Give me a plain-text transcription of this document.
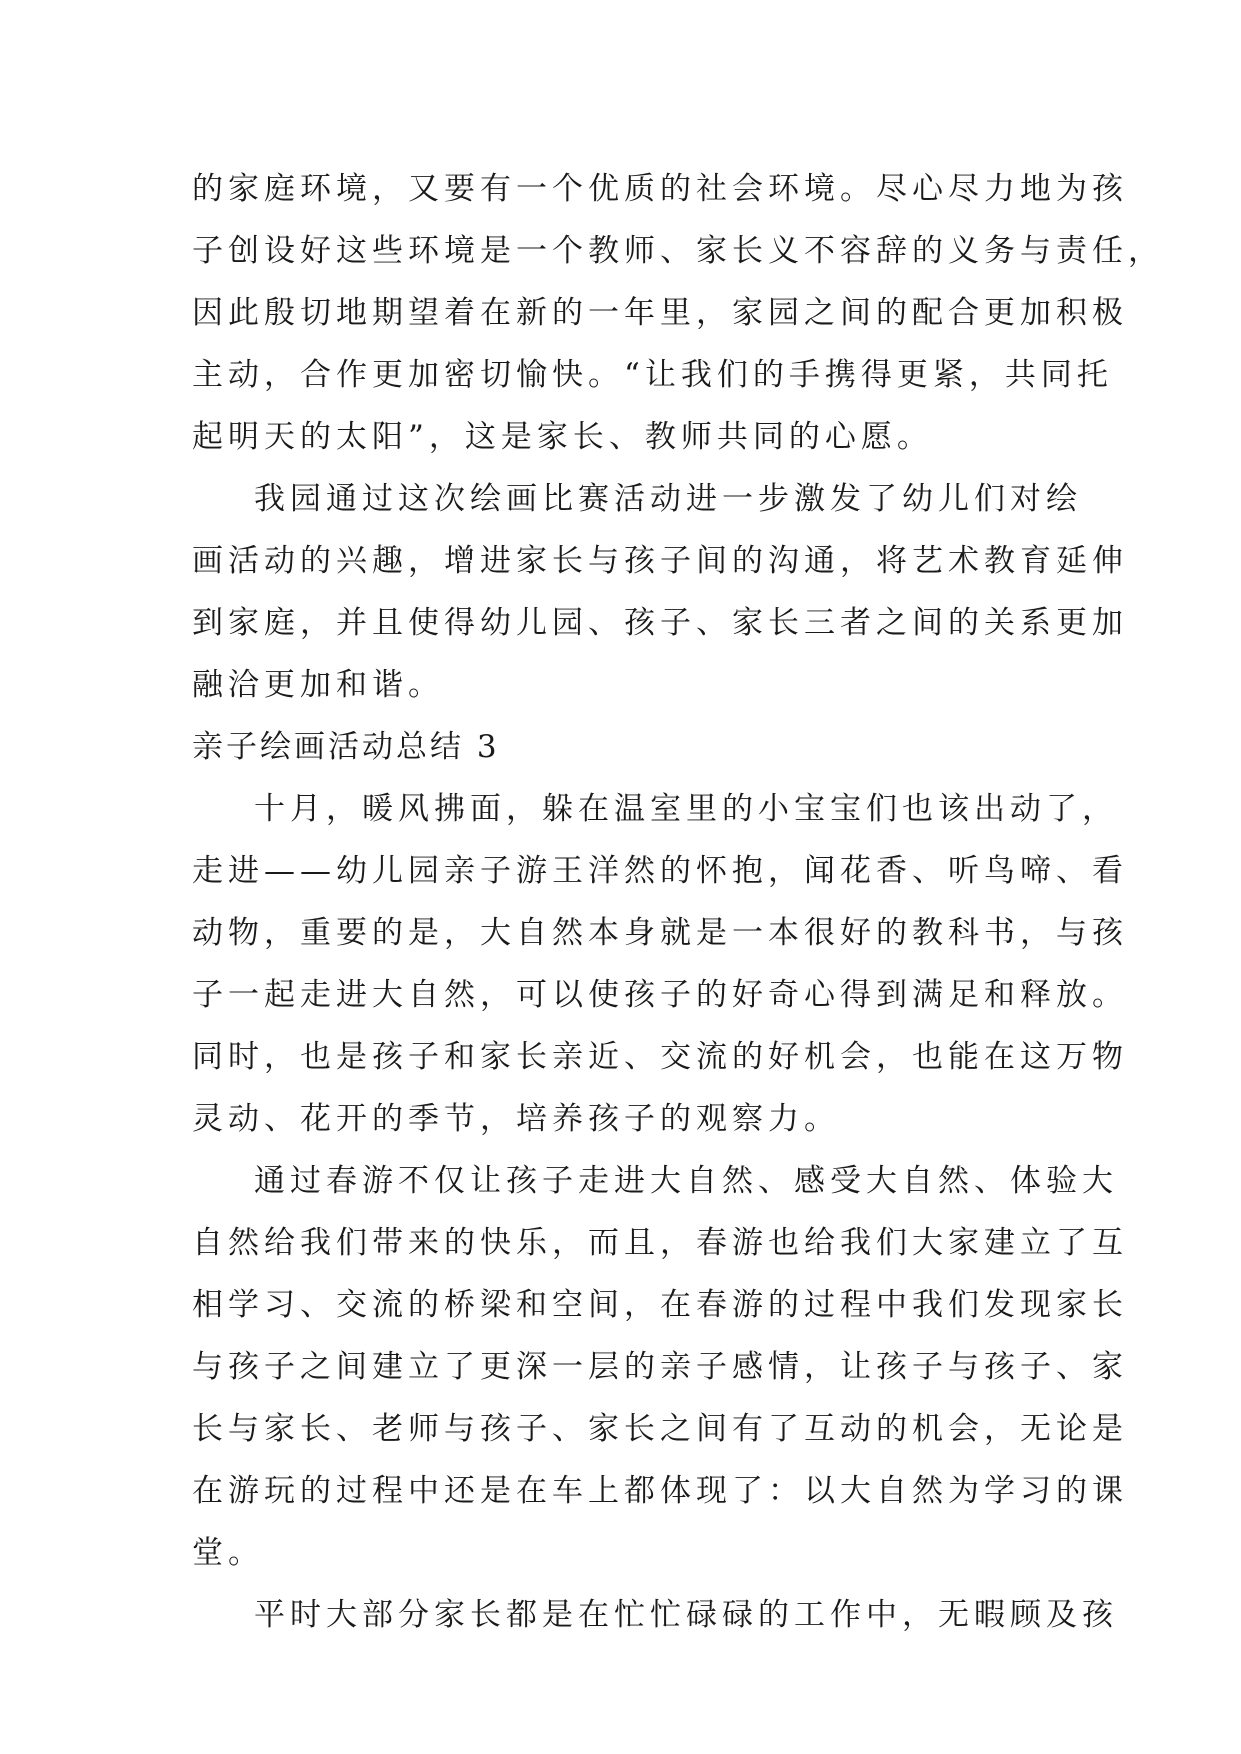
的家庭环境，又要有一个优质的社会环境。尽心尽力地为孩
子创设好这些环境是一个教师、家长义不容辞的义务与责任，
因此殷切地期望着在新的一年里，家园之间的配合更加积极
主动，合作更加密切愉快。“让我们的手携得更紧，共同托
起明天的太阳”，这是家长、教师共同的心愿。
我园通过这次绘画比赛活动进一步激发了幼儿们对绘
画活动的兴趣，增进家长与孩子间的沟通，将艺术教育延伸
到家庭，并且使得幼儿园、孩子、家长三者之间的关系更加
融洽更加和谐。
亲子绘画活动总结 3
十月，暖风拂面，躲在温室里的小宝宝们也该出动了，
走进——幼儿园亲子游王洋然的怀抱，闻花香、听鸟啼、看
动物，重要的是，大自然本身就是一本很好的教科书，与孩
子一起走进大自然，可以使孩子的好奇心得到满足和释放。
同时，也是孩子和家长亲近、交流的好机会，也能在这万物
灵动、花开的季节，培养孩子的观察力。
通过春游不仅让孩子走进大自然、感受大自然、体验大
自然给我们带来的快乐，而且，春游也给我们大家建立了互
相学习、交流的桥梁和空间，在春游的过程中我们发现家长
与孩子之间建立了更深一层的亲子感情，让孩子与孩子、家
长与家长、老师与孩子、家长之间有了互动的机会，无论是
在游玩的过程中还是在车上都体现了：以大自然为学习的课
堂。
平时大部分家长都是在忙忙碌碌的工作中，无暇顾及孩
